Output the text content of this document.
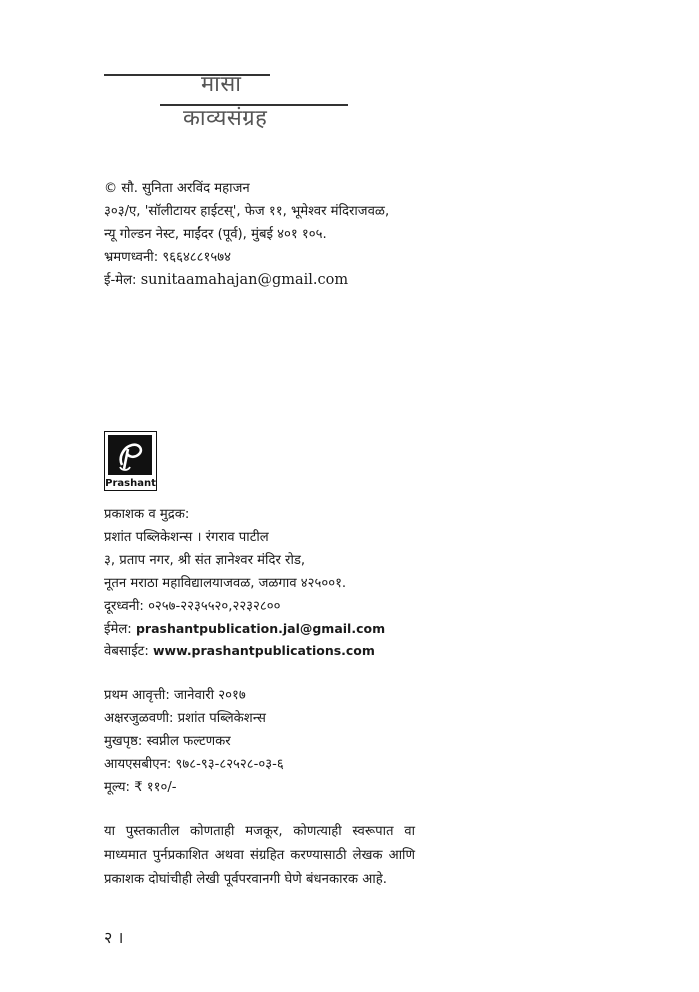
मासा
काव्यसंग्रह
© सौ. सुनिता अरविंद महाजन
३०३/ए, 'सॉलीटायर हाईटस्', फेज ११, भूमेश्वर मंदिराजवळ,
न्यू गोल्डन नेस्ट, माईंदर (पूर्व), मुंबई ४०१ १०५.
भ्रमणध्वनी: ९६६४८८१५७४
ई-मेल: sunitaamahajan@gmail.com
Prashant
प्रकाशक व मुद्रक:
प्रशांत पब्लिकेशन्स । रंगराव पाटील
३, प्रताप नगर, श्री संत ज्ञानेश्वर मंदिर रोड,
नूतन मराठा महाविद्यालयाजवळ, जळगाव ४२५००१.
दूरध्वनी: ०२५७-२२३५५२०,२२३२८००
ईमेल: prashantpublication.jal@gmail.com
वेबसाईट: www.prashantpublications.com
प्रथम आवृत्ती: जानेवारी २०१७
अक्षरजुळवणी: प्रशांत पब्लिकेशन्स
मुखपृष्ठ: स्वप्नील फल्टणकर
आयएसबीएन: ९७८-९३-८२५२८-०३-६
मूल्य: ₹ ११०/-
या पुस्तकातील कोणताही मजकूर, कोणत्याही स्वरूपात वा माध्यमात पुर्नप्रकाशित अथवा संग्रहित करण्यासाठी लेखक आणि प्रकाशक दोघांचीही लेखी पूर्वपरवानगी घेणे बंधनकारक आहे.
२ ।
